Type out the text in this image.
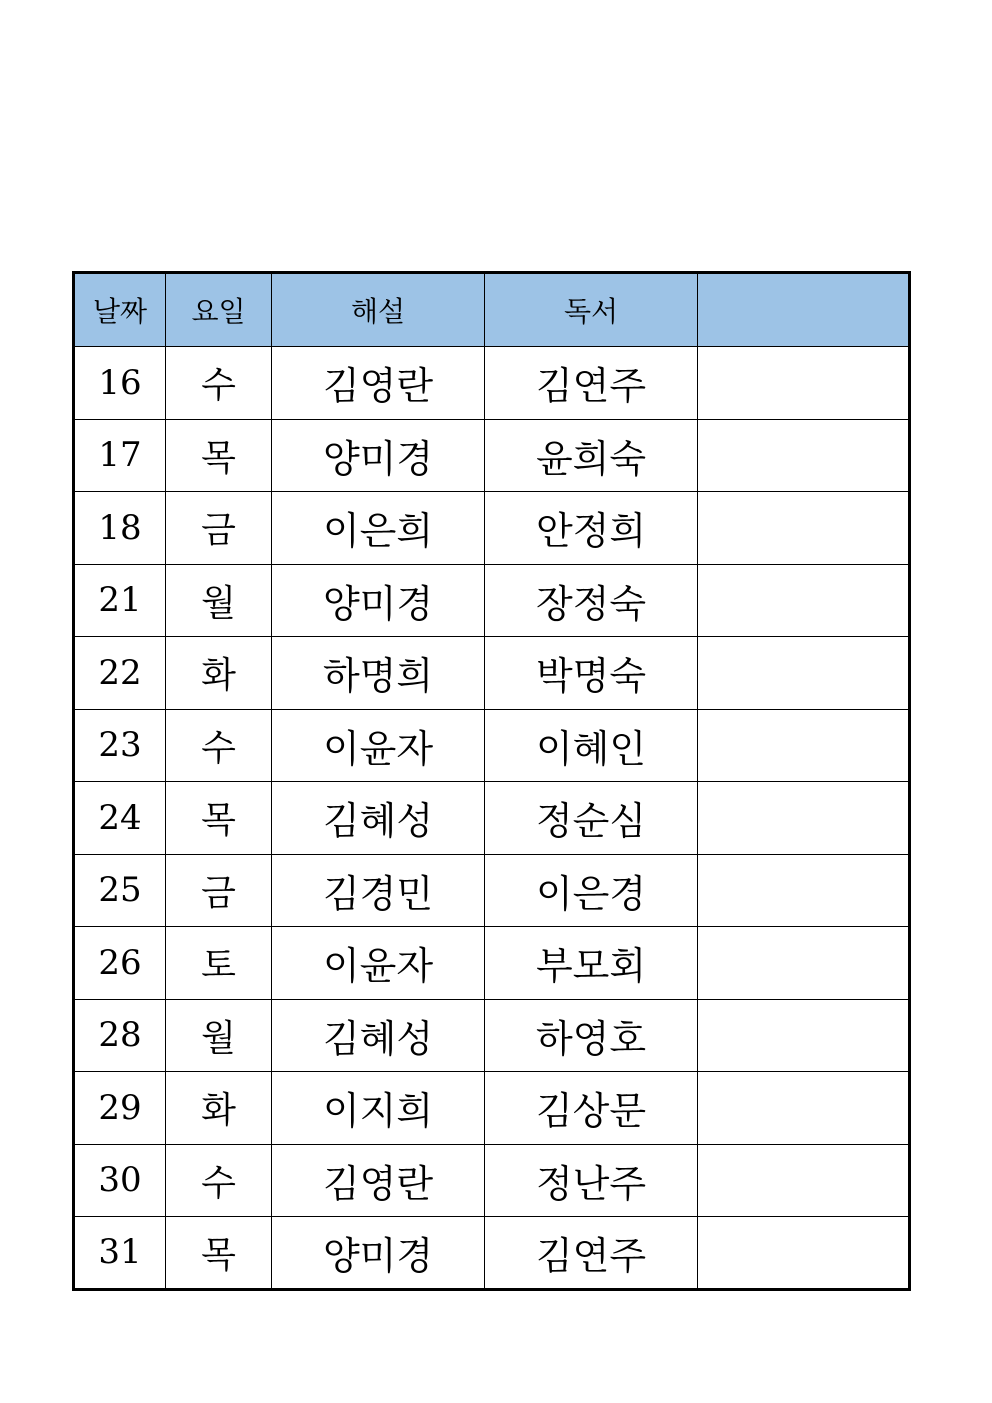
날짜	요일	해설	독서	
16	수	김영란	김연주	
17	목	양미경	윤희숙	
18	금	이은희	안정희	
21	월	양미경	장정숙	
22	화	하명희	박명숙	
23	수	이윤자	이혜인	
24	목	김혜성	정순심	
25	금	김경민	이은경	
26	토	이윤자	부모회	
28	월	김혜성	하영호	
29	화	이지희	김상문	
30	수	김영란	정난주	
31	목	양미경	김연주	
